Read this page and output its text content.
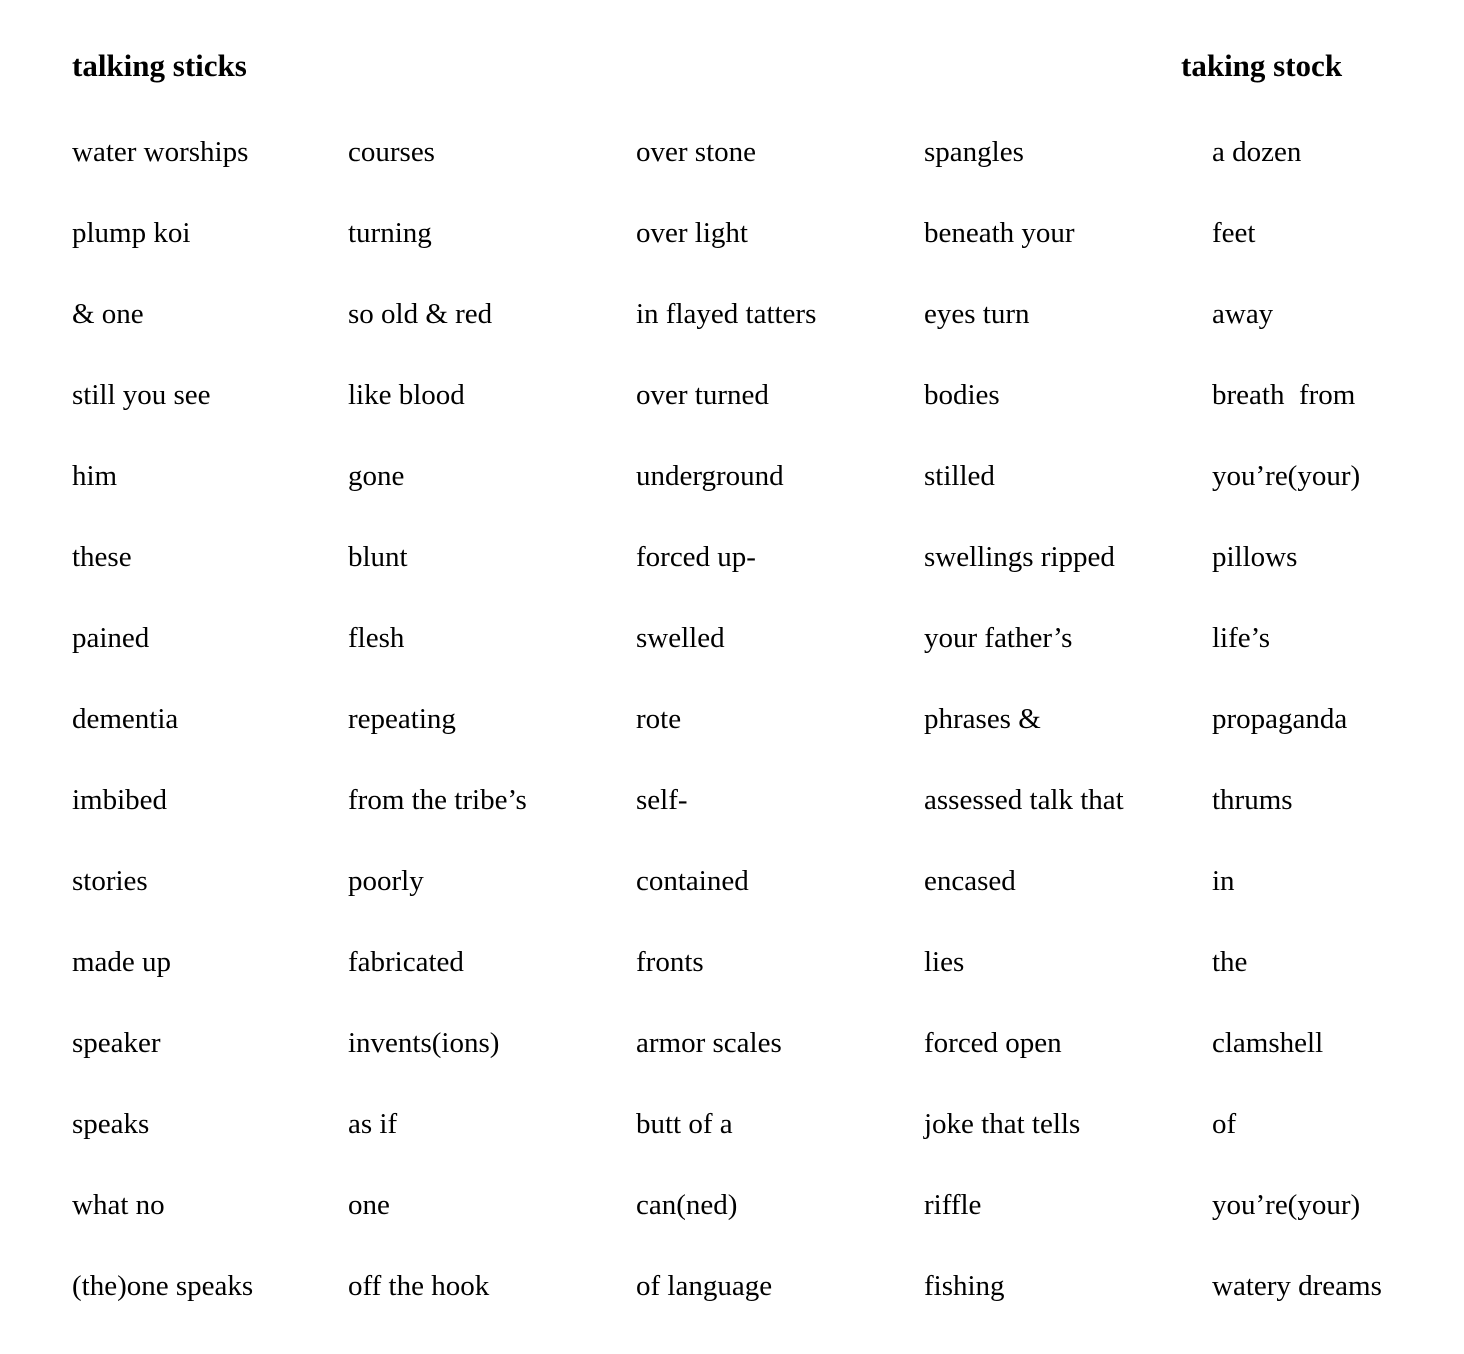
talking sticks	taking stock
water worships	courses	over stone	spangles	a dozen
plump koi	turning	over light	beneath your	feet
& one	so old & red	in flayed tatters	eyes turn	away
still you see	like blood	over turned	bodies	breath  from
him	gone	underground	stilled	you’re(your)
these	blunt	forced up-	swellings ripped	pillows
pained	flesh	swelled	your father’s	life’s
dementia	repeating	rote	phrases &	propaganda
imbibed	from the tribe’s	self-	assessed talk that	thrums
stories	poorly	contained	encased	in
made up	fabricated	fronts	lies	the
speaker	invents(ions)	armor scales	forced open	clamshell
speaks	as if	butt of a	joke that tells	of
what no	one	can(ned)	riffle	you’re(your)
(the)one speaks	off the hook	of language	fishing	watery dreams
